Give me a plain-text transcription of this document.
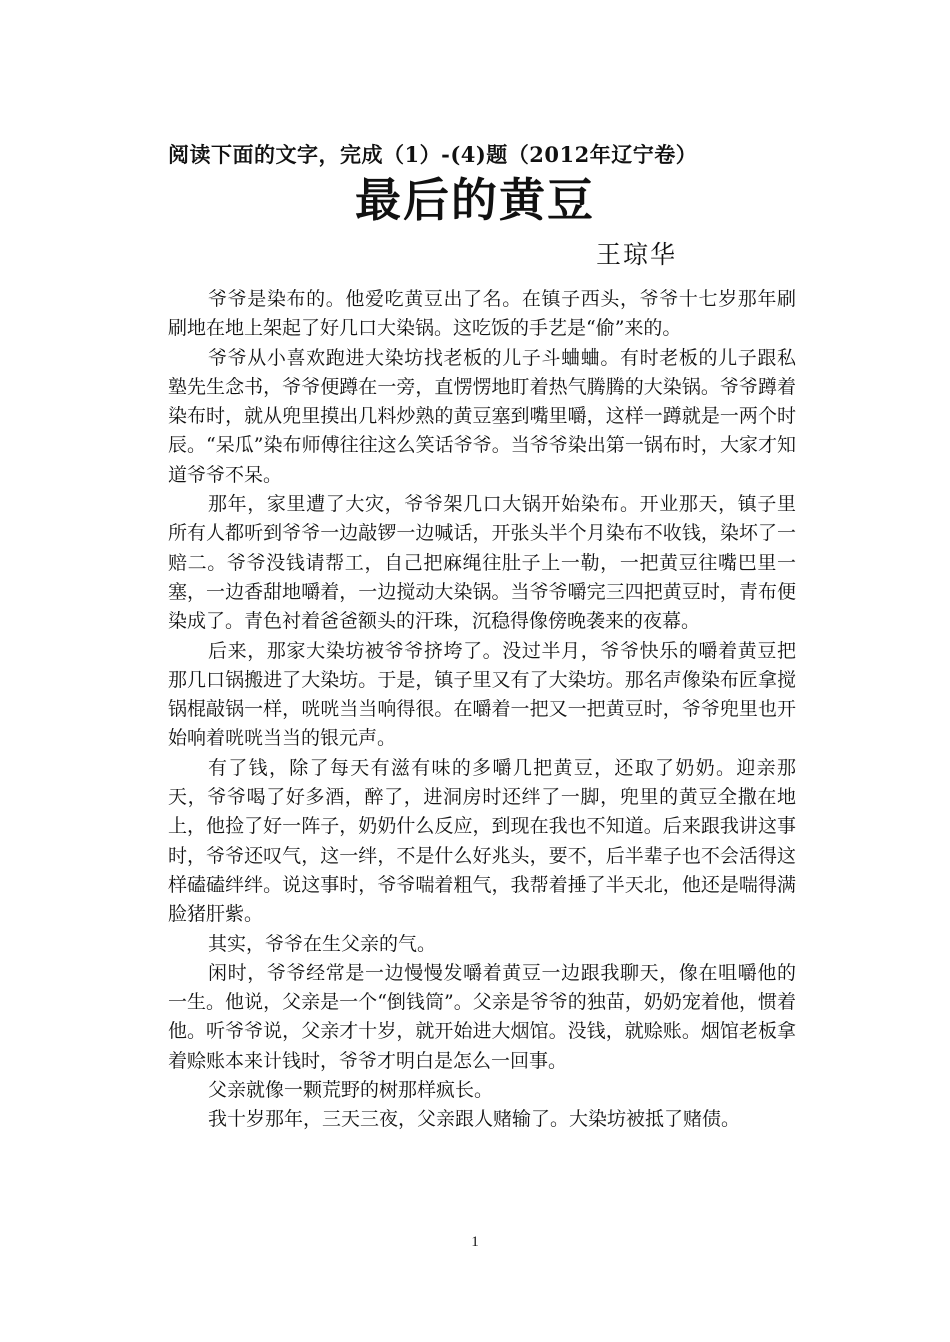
阅读下面的文字，完成（1）-(4)题（2012年辽宁卷）
最后的黄豆
王琼华

爷爷是染布的。他爱吃黄豆出了名。在镇子西头，爷爷十七岁那年刷刷地在地上架起了好几口大染锅。这吃饭的手艺是“偷”来的。

爷爷从小喜欢跑进大染坊找老板的儿子斗蛐蛐。有时老板的儿子跟私塾先生念书，爷爷便蹲在一旁，直愣愣地盯着热气腾腾的大染锅。爷爷蹲着染布时，就从兜里摸出几料炒熟的黄豆塞到嘴里嚼，这样一蹲就是一两个时辰。“呆瓜”染布师傅往往这么笑话爷爷。当爷爷染出第一锅布时，大家才知道爷爷不呆。

那年，家里遭了大灾，爷爷架几口大锅开始染布。开业那天，镇子里所有人都听到爷爷一边敲锣一边喊话，开张头半个月染布不收钱，染坏了一赔二。爷爷没钱请帮工，自己把麻绳往肚子上一勒，一把黄豆往嘴巴里一塞，一边香甜地嚼着，一边搅动大染锅。当爷爷嚼完三四把黄豆时，青布便染成了。青色衬着爸爸额头的汗珠，沉稳得像傍晚袭来的夜幕。

后来，那家大染坊被爷爷挤垮了。没过半月，爷爷快乐的嚼着黄豆把那几口锅搬进了大染坊。于是，镇子里又有了大染坊。那名声像染布匠拿搅锅棍敲锅一样，咣咣当当响得很。在嚼着一把又一把黄豆时，爷爷兜里也开始响着咣咣当当的银元声。

有了钱，除了每天有滋有味的多嚼几把黄豆，还取了奶奶。迎亲那天，爷爷喝了好多酒，醉了，进洞房时还绊了一脚，兜里的黄豆全撒在地上，他捡了好一阵子，奶奶什么反应，到现在我也不知道。后来跟我讲这事时，爷爷还叹气，这一绊，不是什么好兆头，要不，后半辈子也不会活得这样磕磕绊绊。说这事时，爷爷喘着粗气，我帮着捶了半天北，他还是喘得满脸猪肝紫。

其实，爷爷在生父亲的气。

闲时，爷爷经常是一边慢慢发嚼着黄豆一边跟我聊天，像在咀嚼他的一生。他说，父亲是一个“倒钱筒”。父亲是爷爷的独苗，奶奶宠着他，惯着他。听爷爷说，父亲才十岁，就开始进大烟馆。没钱，就赊账。烟馆老板拿着赊账本来计钱时，爷爷才明白是怎么一回事。

父亲就像一颗荒野的树那样疯长。

我十岁那年，三天三夜，父亲跟人赌输了。大染坊被抵了赌债。

1
